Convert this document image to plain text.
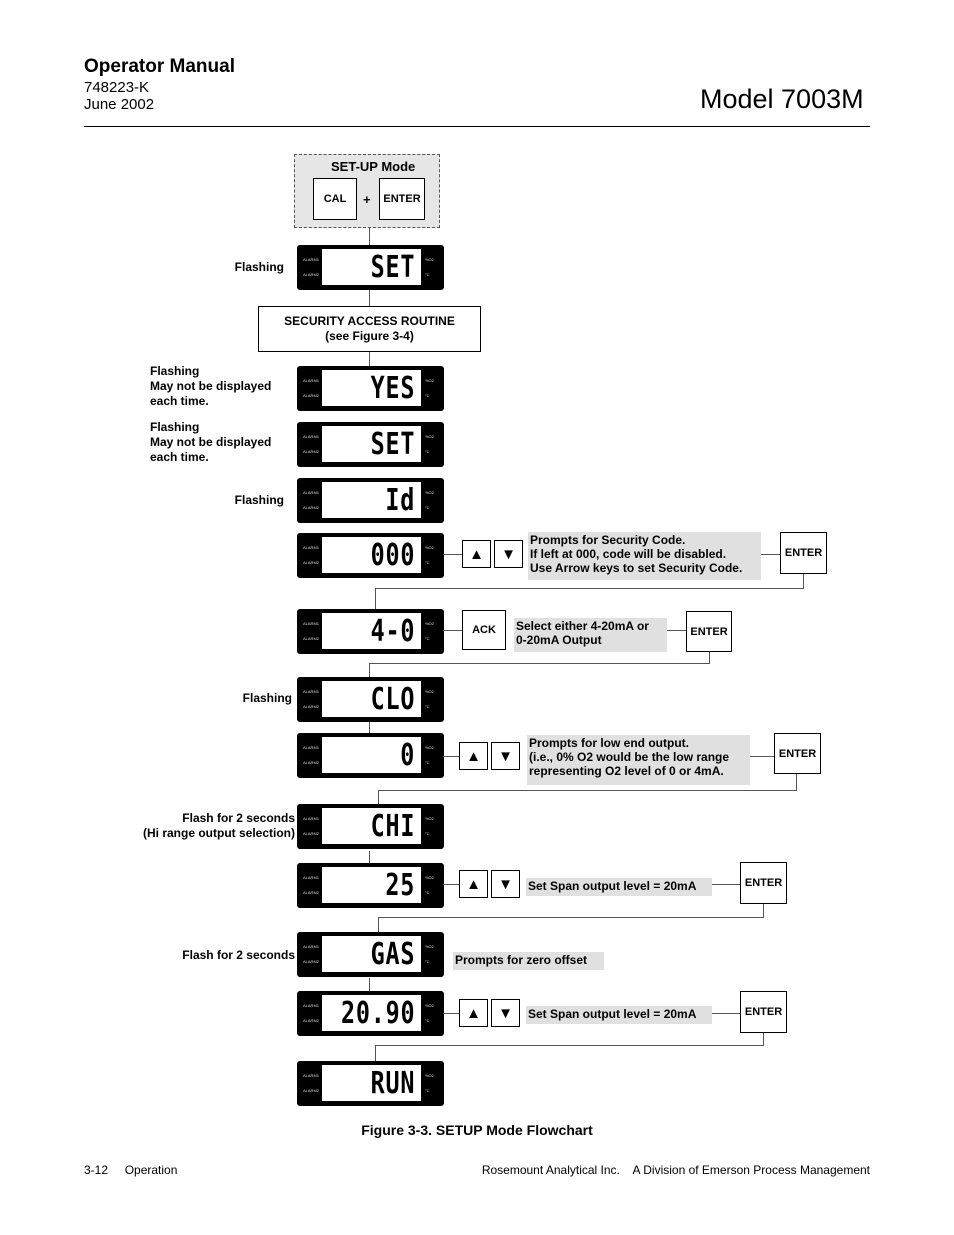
Operator Manual
748223-K
June 2002	Model 7003M
SET-UP Mode
CAL	+	ENTER
ALARM1
ALARM2 SET	%O2
°C
ALARM1
ALARM2 YES	%O2
°C
ALARM1
ALARM2 SET	%O2
°C
ALARM1
ALARM2 Id	%O2
°C
ALARM1
ALARM2 000	%O2
°C
ALARM1
ALARM2 4-0	%O2
°C
ALARM1
ALARM2 CLO	%O2
°C
ALARM1
ALARM2	0	%O2
°C
ALARM1
ALARM2 CHI	%O2
°C
ALARM1
ALARM2 25	%O2
°C
ALARM1
ALARM2 GAS	%O2
°C
ALARM1
ALARM2 20.90	%O2
°C
ALARM1
ALARM2 RUN	%O2
°C
SECURITY ACCESS ROUTINE
(see Figure 3-4)
Flashing
Flashing
May not be displayed
each time.
Flashing
May not be displayed
each time.
Flashing
Flashing
Flash for 2 seconds
(Hi range output selection)
Flash for 2 seconds
▲	▼
Prompts for Security Code.
If left at 000, code will be disabled.
Use Arrow keys to set Security Code.
ENTER
ACK	Select either 4-20mA or
0-20mA Output
ENTER
▲	▼
Prompts for low end output.
(i.e., 0% O2 would be the low range
representing O2 level of 0 or 4mA.
ENTER
▲	▼	Set Span output level = 20mA	ENTER
Prompts for zero offset
▲	▼	Set Span output level = 20mA	ENTER
Figure 3-3. SETUP Mode Flowchart
3-12     Operation	Rosemount Analytical Inc.    A Division of Emerson Process Management
